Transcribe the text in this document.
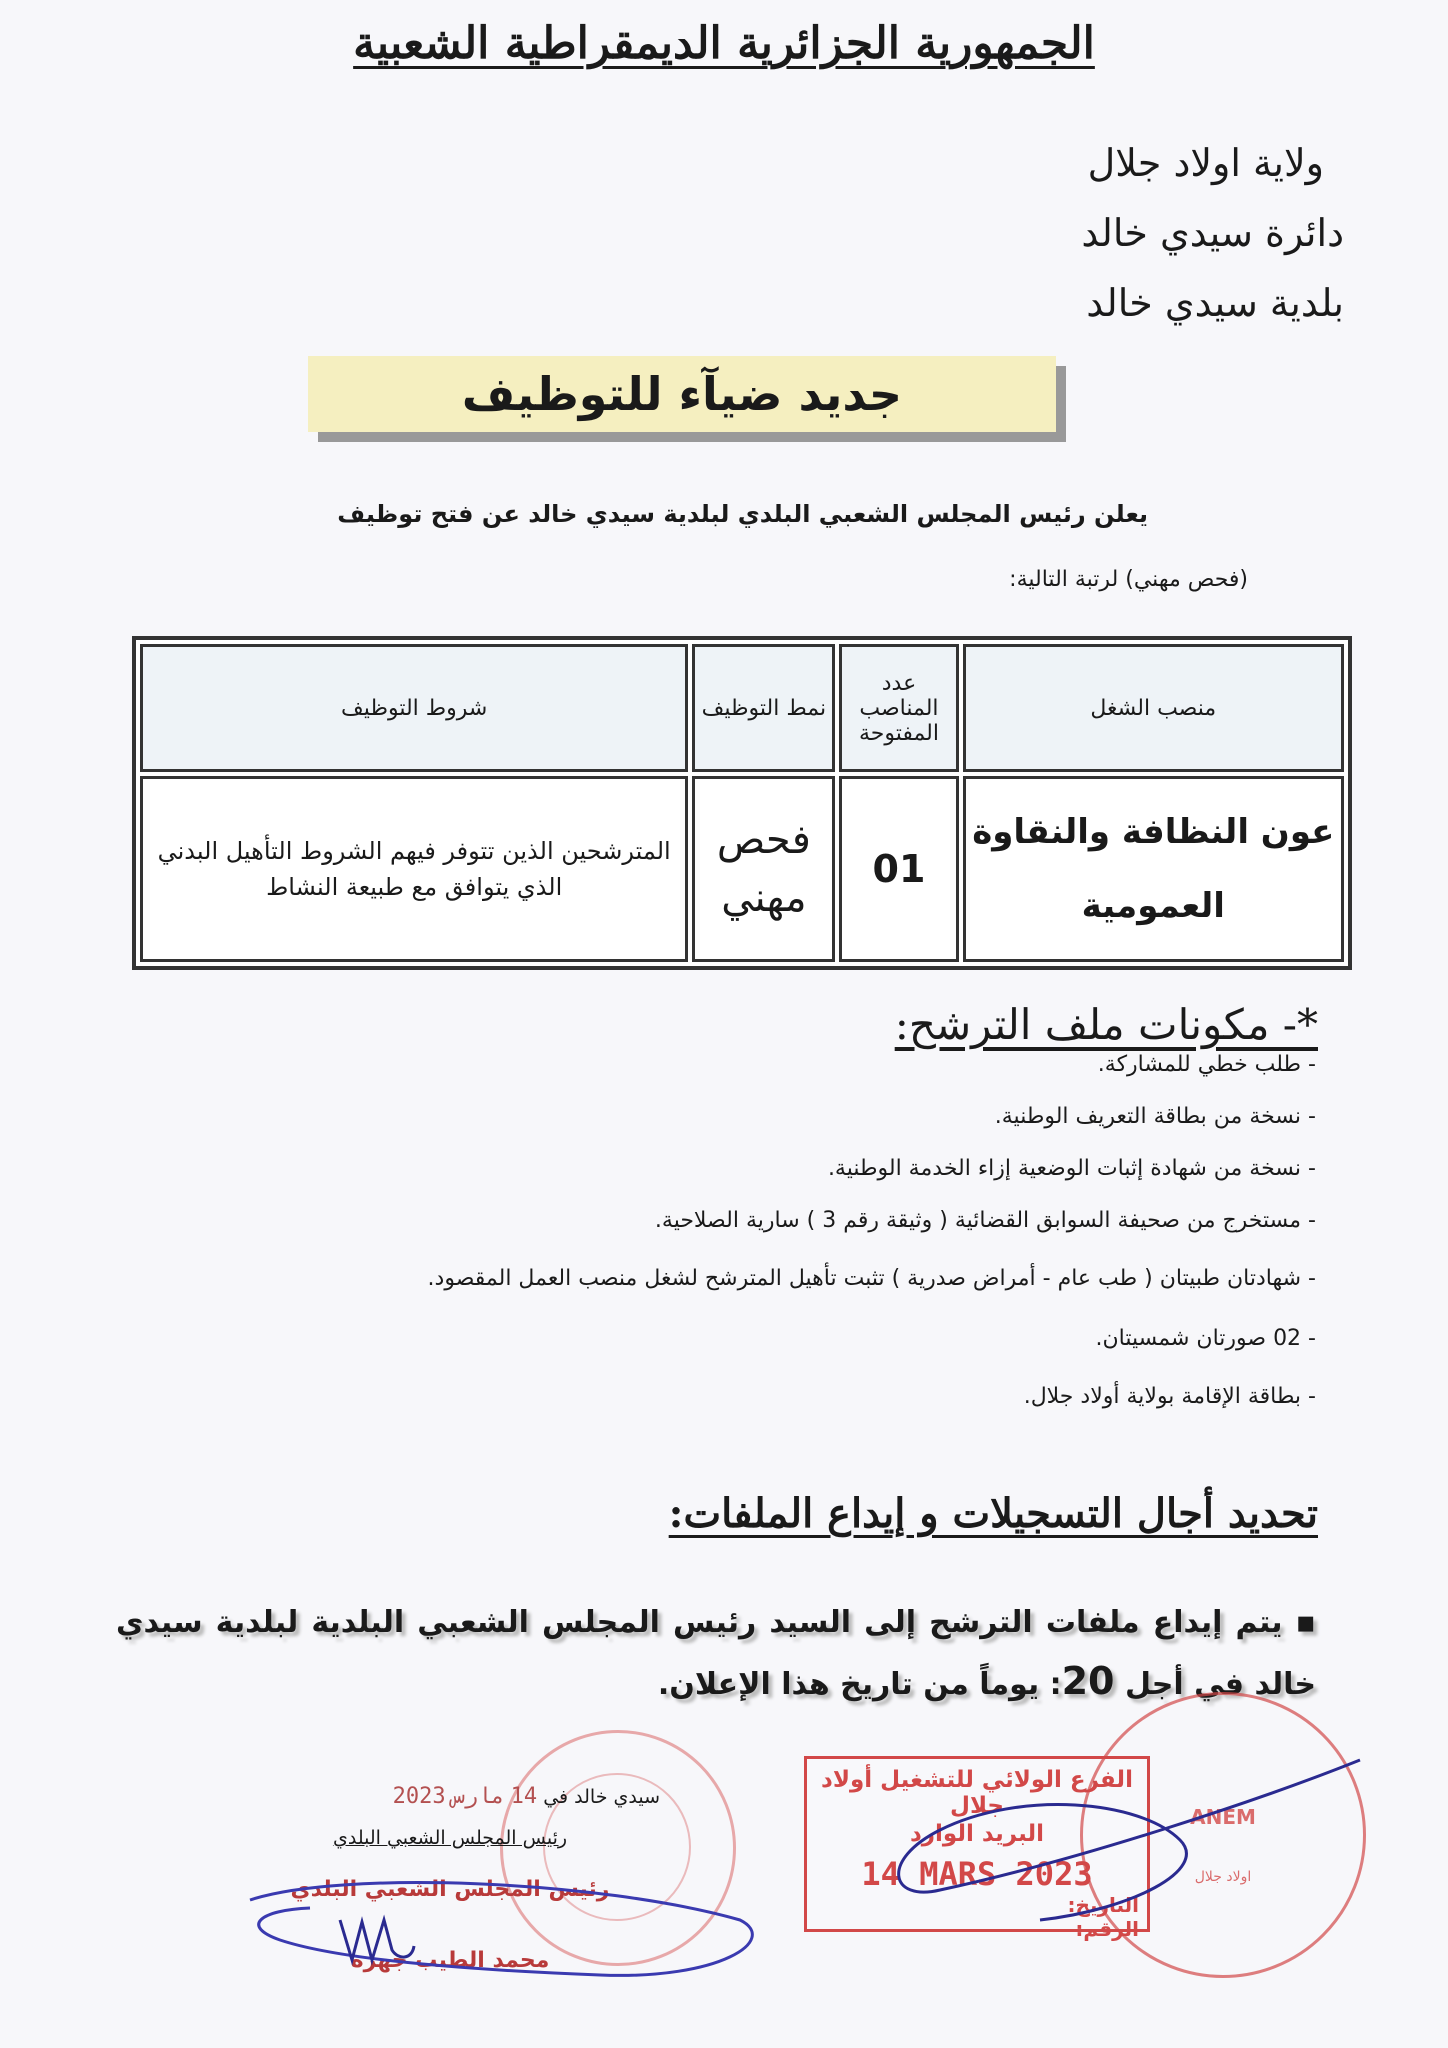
الجمهورية الجزائرية الديمقراطية الشعبية
ولاية اولاد جلال
دائرة سيدي خالد
بلدية سيدي خالد
جديد ضيآء للتوظيف
يعلن رئيس المجلس الشعبي البلدي لبلدية سيدي خالد عن فتح توظيف
(فحص مهني) لرتبة التالية:
منصب الشغل	عدد المناصب المفتوحة	نمط التوظيف	شروط التوظيف
عون النظافة والنقاوة العمومية	01	فحص مهني	المترشحين الذين تتوفر فيهم الشروط التأهيل البدني الذي يتوافق مع طبيعة النشاط
*- مكونات ملف الترشح:
- طلب خطي للمشاركة.
- نسخة من بطاقة التعريف الوطنية.
- نسخة من شهادة إثبات الوضعية إزاء الخدمة الوطنية.
- مستخرج من صحيفة السوابق القضائية ( وثيقة رقم 3 ) سارية الصلاحية.
- شهادتان طبيتان ( طب عام - أمراض صدرية ) تثبت تأهيل المترشح لشغل منصب العمل المقصود.
- 02 صورتان شمسيتان.
- بطاقة الإقامة بولاية أولاد جلال.
تحديد أجال التسجيلات و إيداع الملفات:
▪ يتم إيداع ملفات الترشح إلى السيد رئيس المجلس الشعبي البلدية لبلدية سيدي خالد في أجل 20: يوماً من تاريخ هذا الإعلان.
سيدي خالد في 14 مارس 2023
رئيس المجلس الشعبي البلدي
رئيس المجلس الشعبي البلدي
محمد الطيب جهرة
الفرع الولائي للتشغيل أولاد جلال
البريد الوارد
14 MARS 2023
التاريخ:
الرقم:
ANEM
اولاد جلال
